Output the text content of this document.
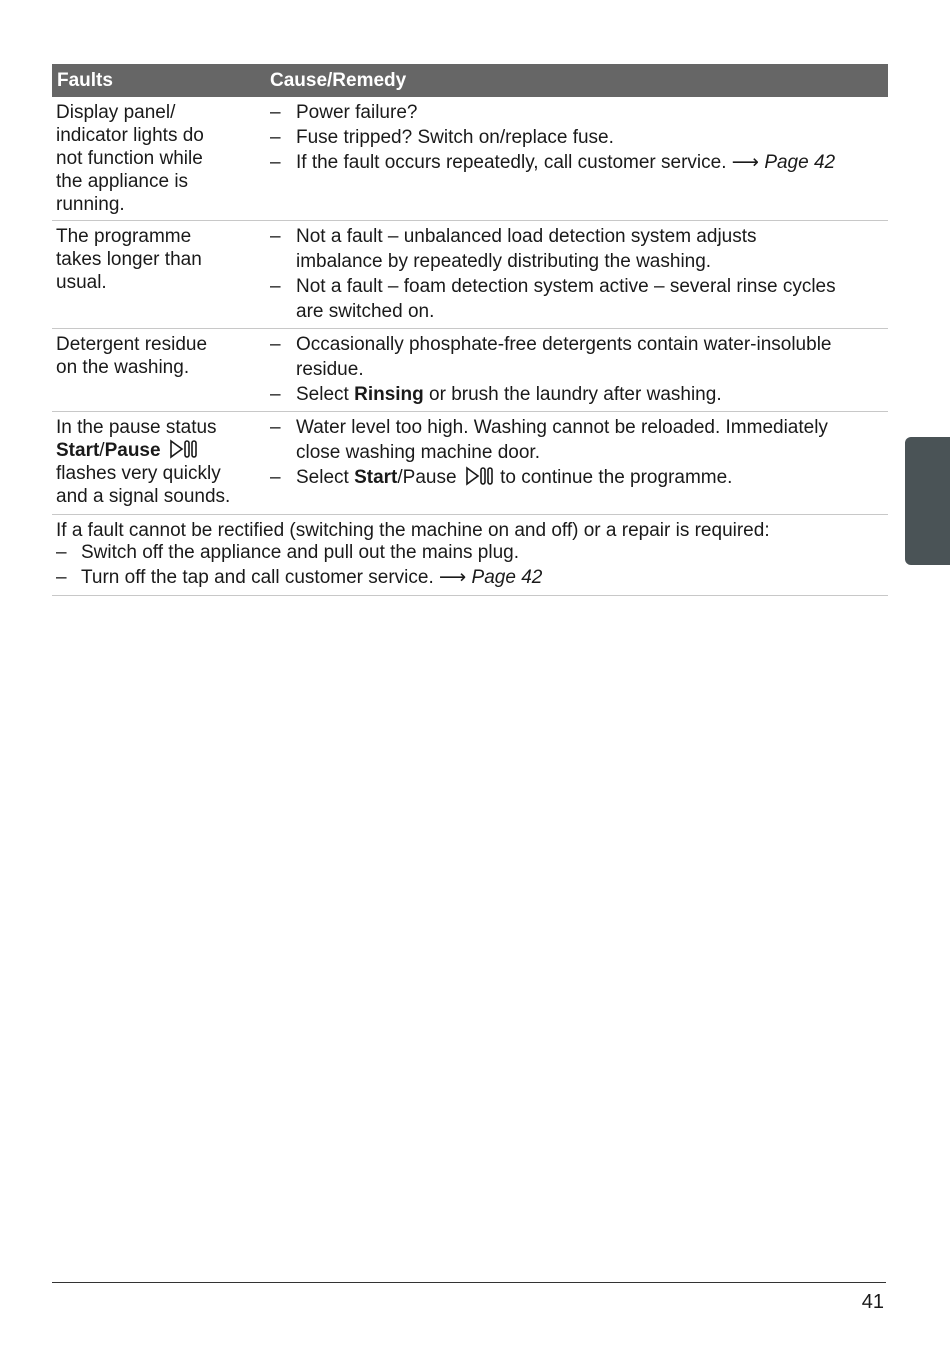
Faults	Cause/Remedy
Display panel/
indicator lights do
not function while
the appliance is
running.
– Power failure?
– Fuse tripped? Switch on/replace fuse.
– If the fault occurs repeatedly, call customer service. ⟶ Page 42
The programme
takes longer than
usual.
– Not a fault – unbalanced load detection system adjusts
imbalance by repeatedly distributing the washing.
– Not a fault – foam detection system active – several rinse cycles
are switched on.
Detergent residue
on the washing.
– Occasionally phosphate-free detergents contain water-insoluble
residue.
– Select Rinsing or brush the laundry after washing.
In the pause status
Start/Pause
flashes very quickly
and a signal sounds.
– Water level too high. Washing cannot be reloaded. Immediately
close washing machine door.
– Select Start/Pause  to continue the programme.
If a fault cannot be rectified (switching the machine on and off) or a repair is required:
– Switch off the appliance and pull out the mains plug.
– Turn off the tap and call customer service. ⟶ Page 42
41
